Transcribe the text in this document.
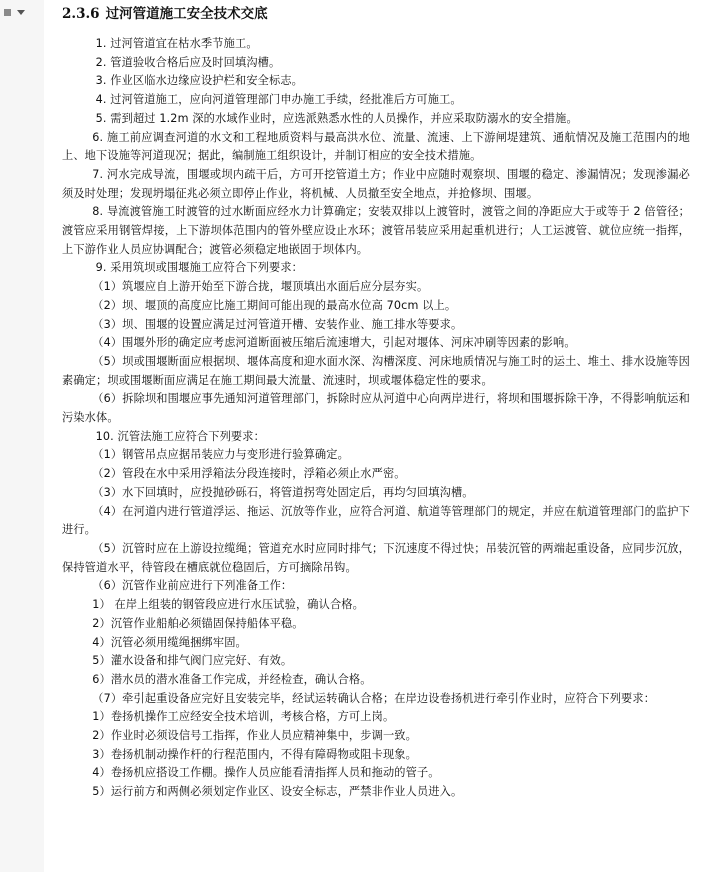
2.3.6 过河管道施工安全技术交底

1. 过河管道宜在枯水季节施工。

2. 管道验收合格后应及时回填沟槽。

3. 作业区临水边缘应设护栏和安全标志。

4. 过河管道施工，应向河道管理部门申办施工手续，经批准后方可施工。

5. 需到超过 1.2m 深的水域作业时，应选派熟悉水性的人员操作，并应采取防溺水的安全措施。

6. 施工前应调查河道的水文和工程地质资料与最高洪水位、流量、流速、上下游闸堤建筑、通航情况及施工范围内的地上、地下设施等河道现况；据此，编制施工组织设计，并制订相应的安全技术措施。

7. 河水完成导流，围堰或坝内疏干后，方可开挖管道土方；作业中应随时观察坝、围堰的稳定、渗漏情况；发现渗漏必须及时处理；发现坍塌征兆必须立即停止作业，将机械、人员撤至安全地点，并抢修坝、围堰。

8. 导流渡管施工时渡管的过水断面应经水力计算确定；安装双排以上渡管时，渡管之间的净距应大于或等于 2 倍管径；渡管应采用钢管焊接，上下游坝体范围内的管外壁应设止水环；渡管吊装应采用起重机进行；人工运渡管、就位应统一指挥，上下游作业人员应协调配合；渡管必须稳定地嵌固于坝体内。

9. 采用筑坝或围堰施工应符合下列要求：

（1）筑堰应自上游开始至下游合拢，堰顶填出水面后应分层夯实。

（2）坝、堰顶的高度应比施工期间可能出现的最高水位高 70cm 以上。

（3）坝、围堰的设置应满足过河管道开槽、安装作业、施工排水等要求。

（4）围堰外形的确定应考虑河道断面被压缩后流速增大，引起对堰体、河床冲刷等因素的影响。

（5）坝或围堰断面应根据坝、堰体高度和迎水面水深、沟槽深度、河床地质情况与施工时的运土、堆土、排水设施等因素确定；坝或围堰断面应满足在施工期间最大流量、流速时，坝或堰体稳定性的要求。

（6）拆除坝和围堰应事先通知河道管理部门，拆除时应从河道中心向两岸进行，将坝和围堰拆除干净，不得影响航运和污染水体。

10. 沉管法施工应符合下列要求：

（1）钢管吊点应据吊装应力与变形进行验算确定。

（2）管段在水中采用浮箱法分段连接时，浮箱必须止水严密。

（3）水下回填时，应投抛砂砾石，将管道拐弯处固定后，再均匀回填沟槽。

（4）在河道内进行管道浮运、拖运、沉放等作业，应符合河道、航道等管理部门的规定，并应在航道管理部门的监护下进行。

（5）沉管时应在上游设拉缆绳；管道充水时应同时排气；下沉速度不得过快；吊装沉管的两端起重设备，应同步沉放，保持管道水平，待管段在槽底就位稳固后，方可摘除吊钩。

（6）沉管作业前应进行下列准备工作：

1） 在岸上组装的钢管段应进行水压试验，确认合格。

2）沉管作业船舶必须锚固保持船体平稳。

4）沉管必须用缆绳捆绑牢固。

5）灌水设备和排气阀门应完好、有效。

6）潜水员的潜水准备工作完成，并经检查，确认合格。

（7）牵引起重设备应完好且安装完毕，经试运转确认合格；在岸边设卷扬机进行牵引作业时，应符合下列要求：

1）卷扬机操作工应经安全技术培训，考核合格，方可上岗。

2）作业时必须设信号工指挥，作业人员应精神集中，步调一致。

3）卷扬机制动操作杆的行程范围内，不得有障碍物或阻卡现象。

4）卷扬机应搭设工作棚。操作人员应能看清指挥人员和拖动的管子。

5）运行前方和两侧必须划定作业区、设安全标志，严禁非作业人员进入。
